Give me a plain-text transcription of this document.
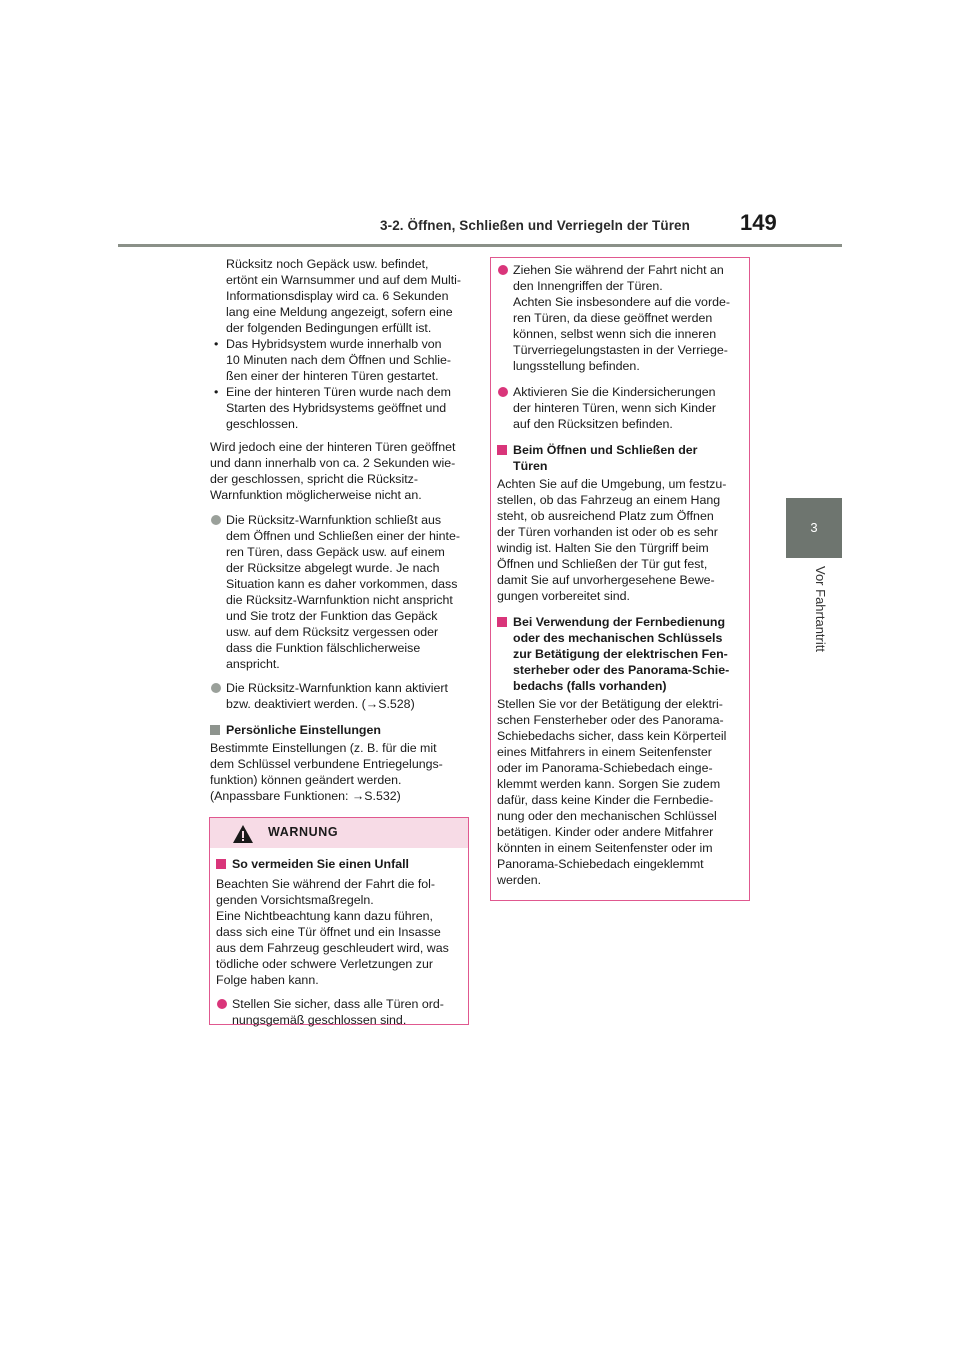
3-2. Öffnen, Schließen und Verriegeln der Türen 149
3
Vor Fahrtantritt
Rücksitz noch Gepäck usw. befindet,
ertönt ein Warnsummer und auf dem Multi-
Informationsdisplay wird ca. 6 Sekunden
lang eine Meldung angezeigt, sofern eine
der folgenden Bedingungen erfüllt ist.
• Das Hybridsystem wurde innerhalb von
10 Minuten nach dem Öffnen und Schlie-
ßen einer der hinteren Türen gestartet.
• Eine der hinteren Türen wurde nach dem
Starten des Hybridsystems geöffnet und
geschlossen.
Wird jedoch eine der hinteren Türen geöffnet
und dann innerhalb von ca. 2 Sekunden wie-
der geschlossen, spricht die Rücksitz-
Warnfunktion möglicherweise nicht an.
Die Rücksitz-Warnfunktion schließt aus
dem Öffnen und Schließen einer der hinte-
ren Türen, dass Gepäck usw. auf einem
der Rücksitze abgelegt wurde. Je nach
Situation kann es daher vorkommen, dass
die Rücksitz-Warnfunktion nicht anspricht
und Sie trotz der Funktion das Gepäck
usw. auf dem Rücksitz vergessen oder
dass die Funktion fälschlicherweise
anspricht.
Die Rücksitz-Warnfunktion kann aktiviert
bzw. deaktiviert werden. (→S.528)
Persönliche Einstellungen
Bestimmte Einstellungen (z. B. für die mit
dem Schlüssel verbundene Entriegelungs-
funktion) können geändert werden.
(Anpassbare Funktionen: →S.532)
WARNUNG
So vermeiden Sie einen Unfall
Beachten Sie während der Fahrt die fol-
genden Vorsichtsmaßregeln.
Eine Nichtbeachtung kann dazu führen,
dass sich eine Tür öffnet und ein Insasse
aus dem Fahrzeug geschleudert wird, was
tödliche oder schwere Verletzungen zur
Folge haben kann.
Stellen Sie sicher, dass alle Türen ord-
nungsgemäß geschlossen sind.
Ziehen Sie während der Fahrt nicht an
den Innengriffen der Türen.
Achten Sie insbesondere auf die vorde-
ren Türen, da diese geöffnet werden
können, selbst wenn sich die inneren
Türverriegelungstasten in der Verriege-
lungsstellung befinden.
Aktivieren Sie die Kindersicherungen
der hinteren Türen, wenn sich Kinder
auf den Rücksitzen befinden.
Beim Öffnen und Schließen der
Türen
Achten Sie auf die Umgebung, um festzu-
stellen, ob das Fahrzeug an einem Hang
steht, ob ausreichend Platz zum Öffnen
der Türen vorhanden ist oder ob es sehr
windig ist. Halten Sie den Türgriff beim
Öffnen und Schließen der Tür gut fest,
damit Sie auf unvorhergesehene Bewe-
gungen vorbereitet sind.
Bei Verwendung der Fernbedienung
oder des mechanischen Schlüssels
zur Betätigung der elektrischen Fen-
sterheber oder des Panorama-Schie-
bedachs (falls vorhanden)
Stellen Sie vor der Betätigung der elektri-
schen Fensterheber oder des Panorama-
Schiebedachs sicher, dass kein Körperteil
eines Mitfahrers in einem Seitenfenster
oder im Panorama-Schiebedach einge-
klemmt werden kann. Sorgen Sie zudem
dafür, dass keine Kinder die Fernbedie-
nung oder den mechanischen Schlüssel
betätigen. Kinder oder andere Mitfahrer
könnten in einem Seitenfenster oder im
Panorama-Schiebedach eingeklemmt
werden.
